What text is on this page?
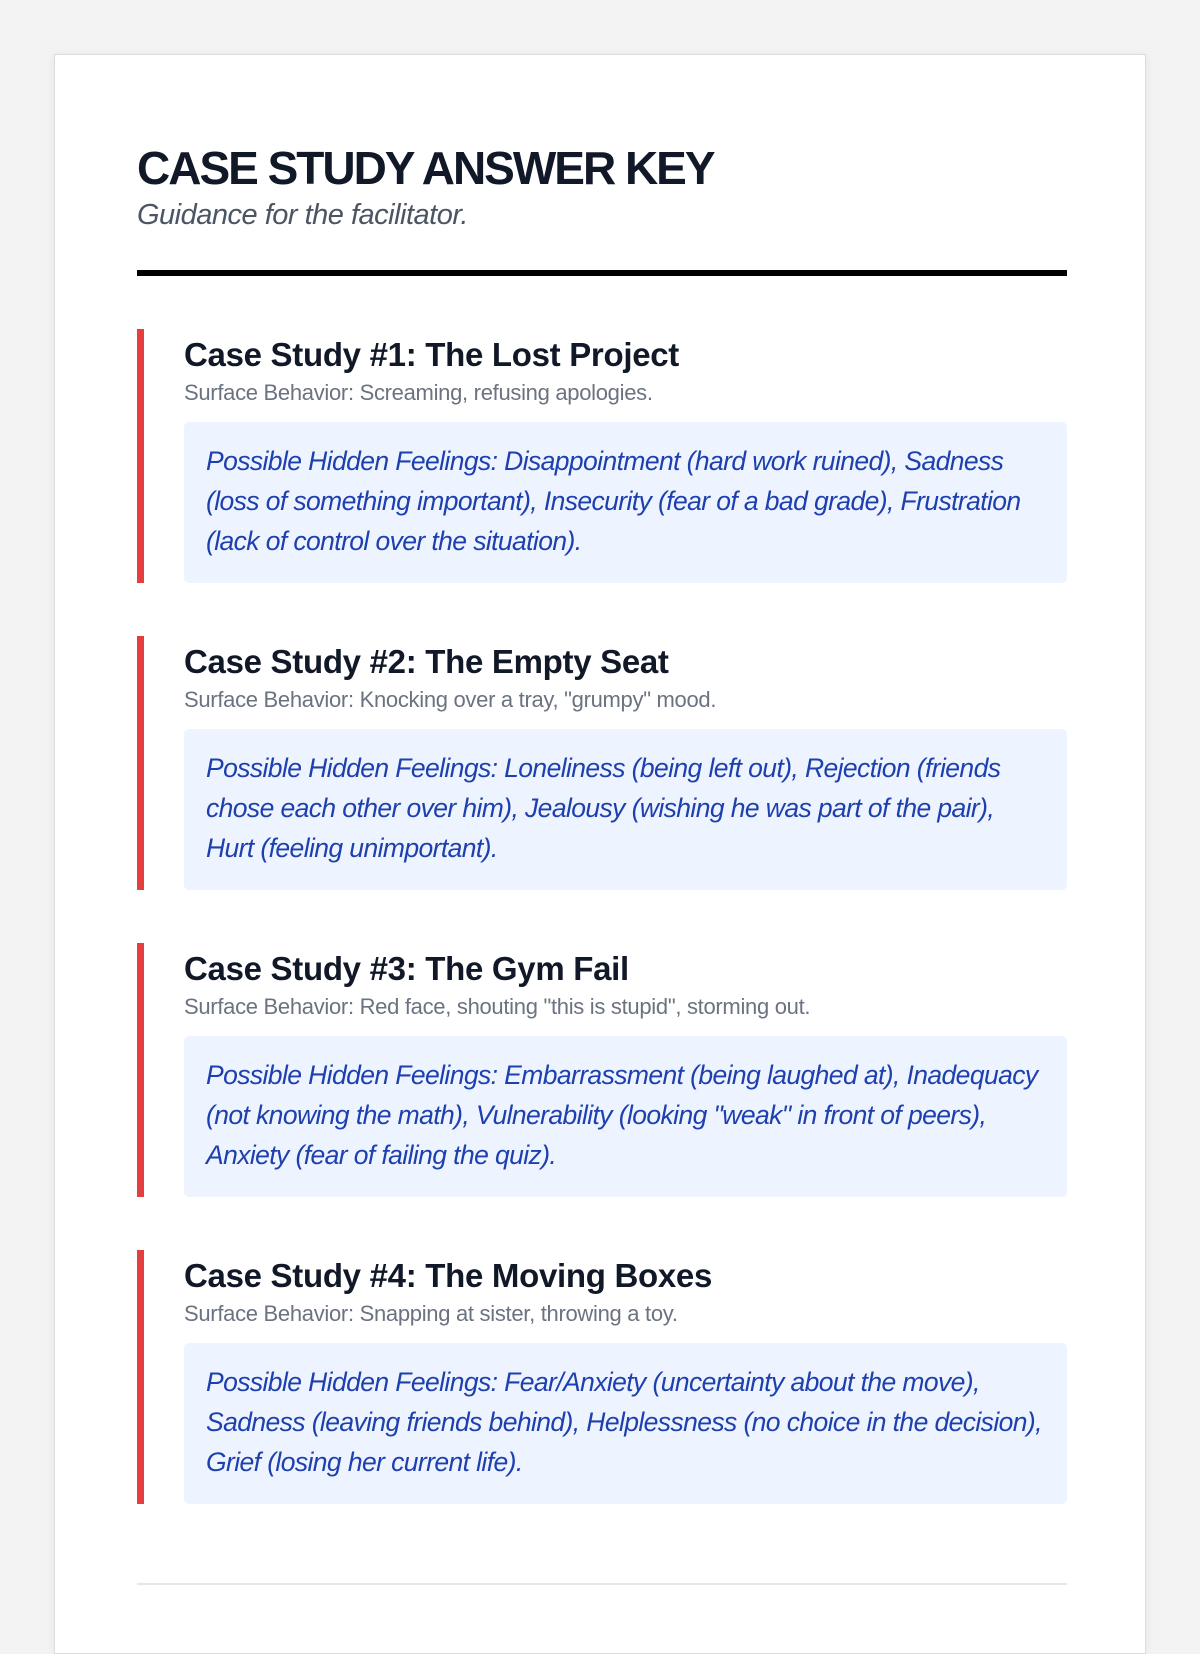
CASE STUDY ANSWER KEY

Guidance for the facilitator.

Case Study #1: The Lost Project

Surface Behavior: Screaming, refusing apologies.

Possible Hidden Feelings: Disappointment (hard work ruined), Sadness (loss of something important), Insecurity (fear of a bad grade), Frustration (lack of control over the situation).

Case Study #2: The Empty Seat

Surface Behavior: Knocking over a tray, "grumpy" mood.

Possible Hidden Feelings: Loneliness (being left out), Rejection (friends chose each other over him), Jealousy (wishing he was part of the pair), Hurt (feeling unimportant).

Case Study #3: The Gym Fail

Surface Behavior: Red face, shouting "this is stupid", storming out.

Possible Hidden Feelings: Embarrassment (being laughed at), Inadequacy (not knowing the math), Vulnerability (looking "weak" in front of peers), Anxiety (fear of failing the quiz).

Case Study #4: The Moving Boxes

Surface Behavior: Snapping at sister, throwing a toy.

Possible Hidden Feelings: Fear/Anxiety (uncertainty about the move), Sadness (leaving friends behind), Helplessness (no choice in the decision), Grief (losing her current life).
